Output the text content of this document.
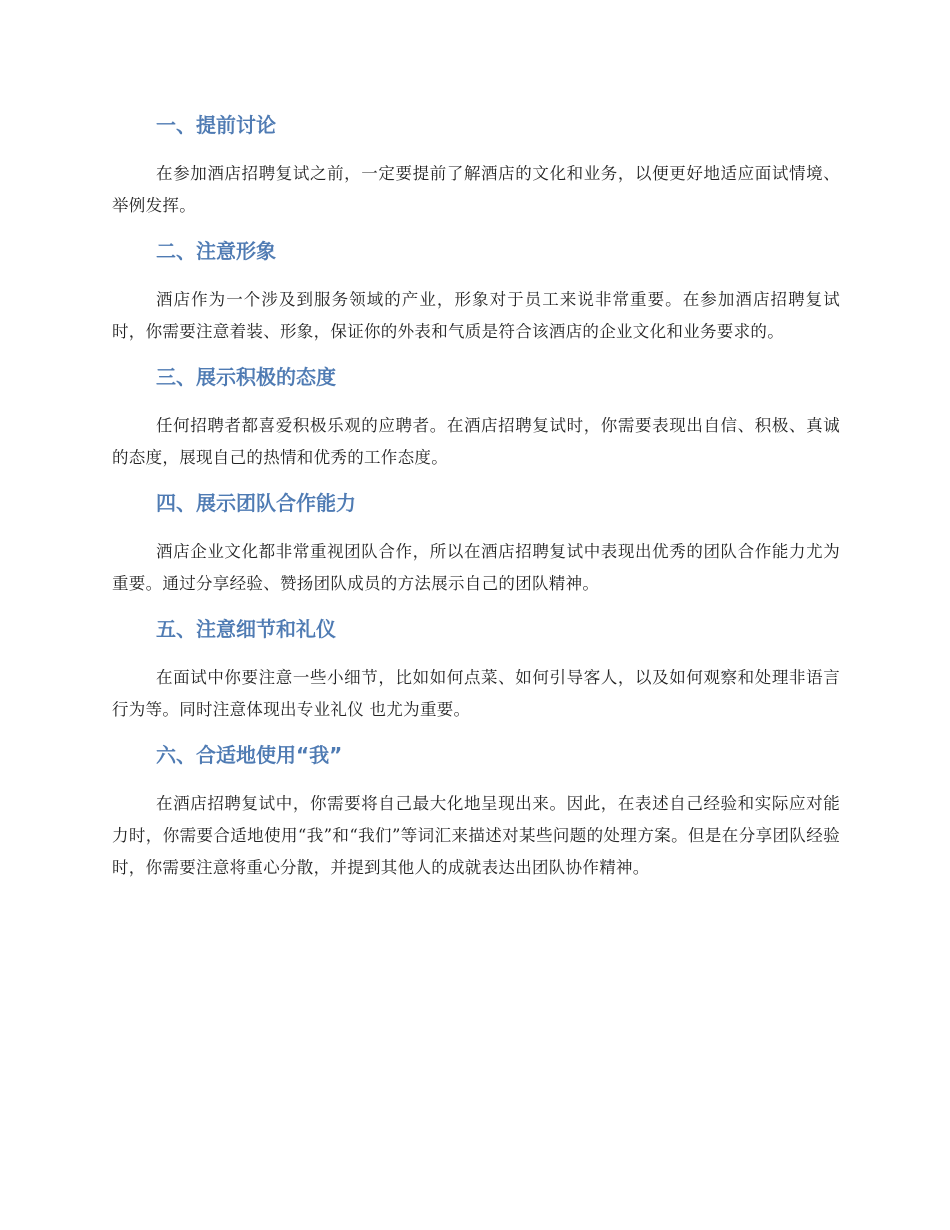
一、提前讨论

在参加酒店招聘复试之前，一定要提前了解酒店的文化和业务，以便更好地适应面试情境、举例发挥。

二、注意形象

酒店作为一个涉及到服务领域的产业，形象对于员工来说非常重要。在参加酒店招聘复试时，你需要注意着装、形象，保证你的外表和气质是符合该酒店的企业文化和业务要求的。

三、展示积极的态度

任何招聘者都喜爱积极乐观的应聘者。在酒店招聘复试时，你需要表现出自信、积极、真诚的态度，展现自己的热情和优秀的工作态度。

四、展示团队合作能力

酒店企业文化都非常重视团队合作，所以在酒店招聘复试中表现出优秀的团队合作能力尤为重要。通过分享经验、赞扬团队成员的方法展示自己的团队精神。

五、注意细节和礼仪

在面试中你要注意一些小细节，比如如何点菜、如何引导客人，以及如何观察和处理非语言行为等。同时注意体现出专业礼仪 也尤为重要。

六、合适地使用“我”

在酒店招聘复试中，你需要将自己最大化地呈现出来。因此，在表述自己经验和实际应对能力时，你需要合适地使用“我”和“我们”等词汇来描述对某些问题的处理方案。但是在分享团队经验时，你需要注意将重心分散，并提到其他人的成就表达出团队协作精神。
